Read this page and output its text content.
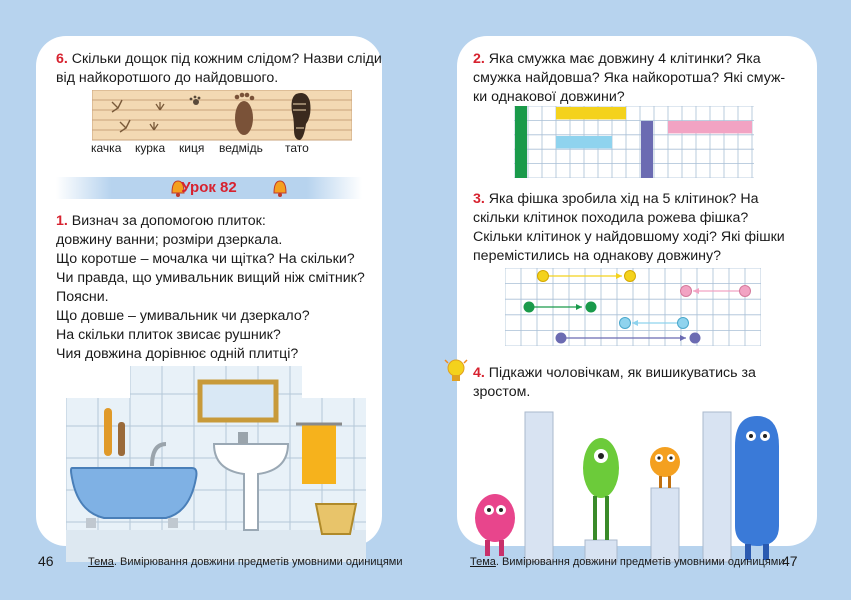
6. Скільки дощок під кожним слідом? Назви сліди
від найкоротшого до найдовшого.
качка курка киця ведмідь тато
Урок 82
1. Визнач за допомогою плиток:
довжину ванни; розміри дзеркала.
Що коротше – мочалка чи щітка? На скільки?
Чи правда, що умивальник вищий ніж смітник?
Поясни.
Що довше – умивальник чи дзеркало?
На скільки плиток звисає рушник?
Чия довжина дорівнює одній плитці?
2. Яка смужка має довжину 4 клітинки? Яка
смужка найдовша? Яка найкоротша? Які смуж-
ки однакової довжини?
3. Яка фішка зробила хід на 5 клітинок? На
скільки клітинок походила рожева фішка?
Скільки клітинок у найдовшому ході? Які фішки
перемістились на однакову довжину?
4. Підкажи чоловічкам, як вишикуватись за
зростом.
46	Тема. Вимірювання довжини предметів умовними одиницями	Тема. Вимірювання довжини предметів умовними одиницями
47
